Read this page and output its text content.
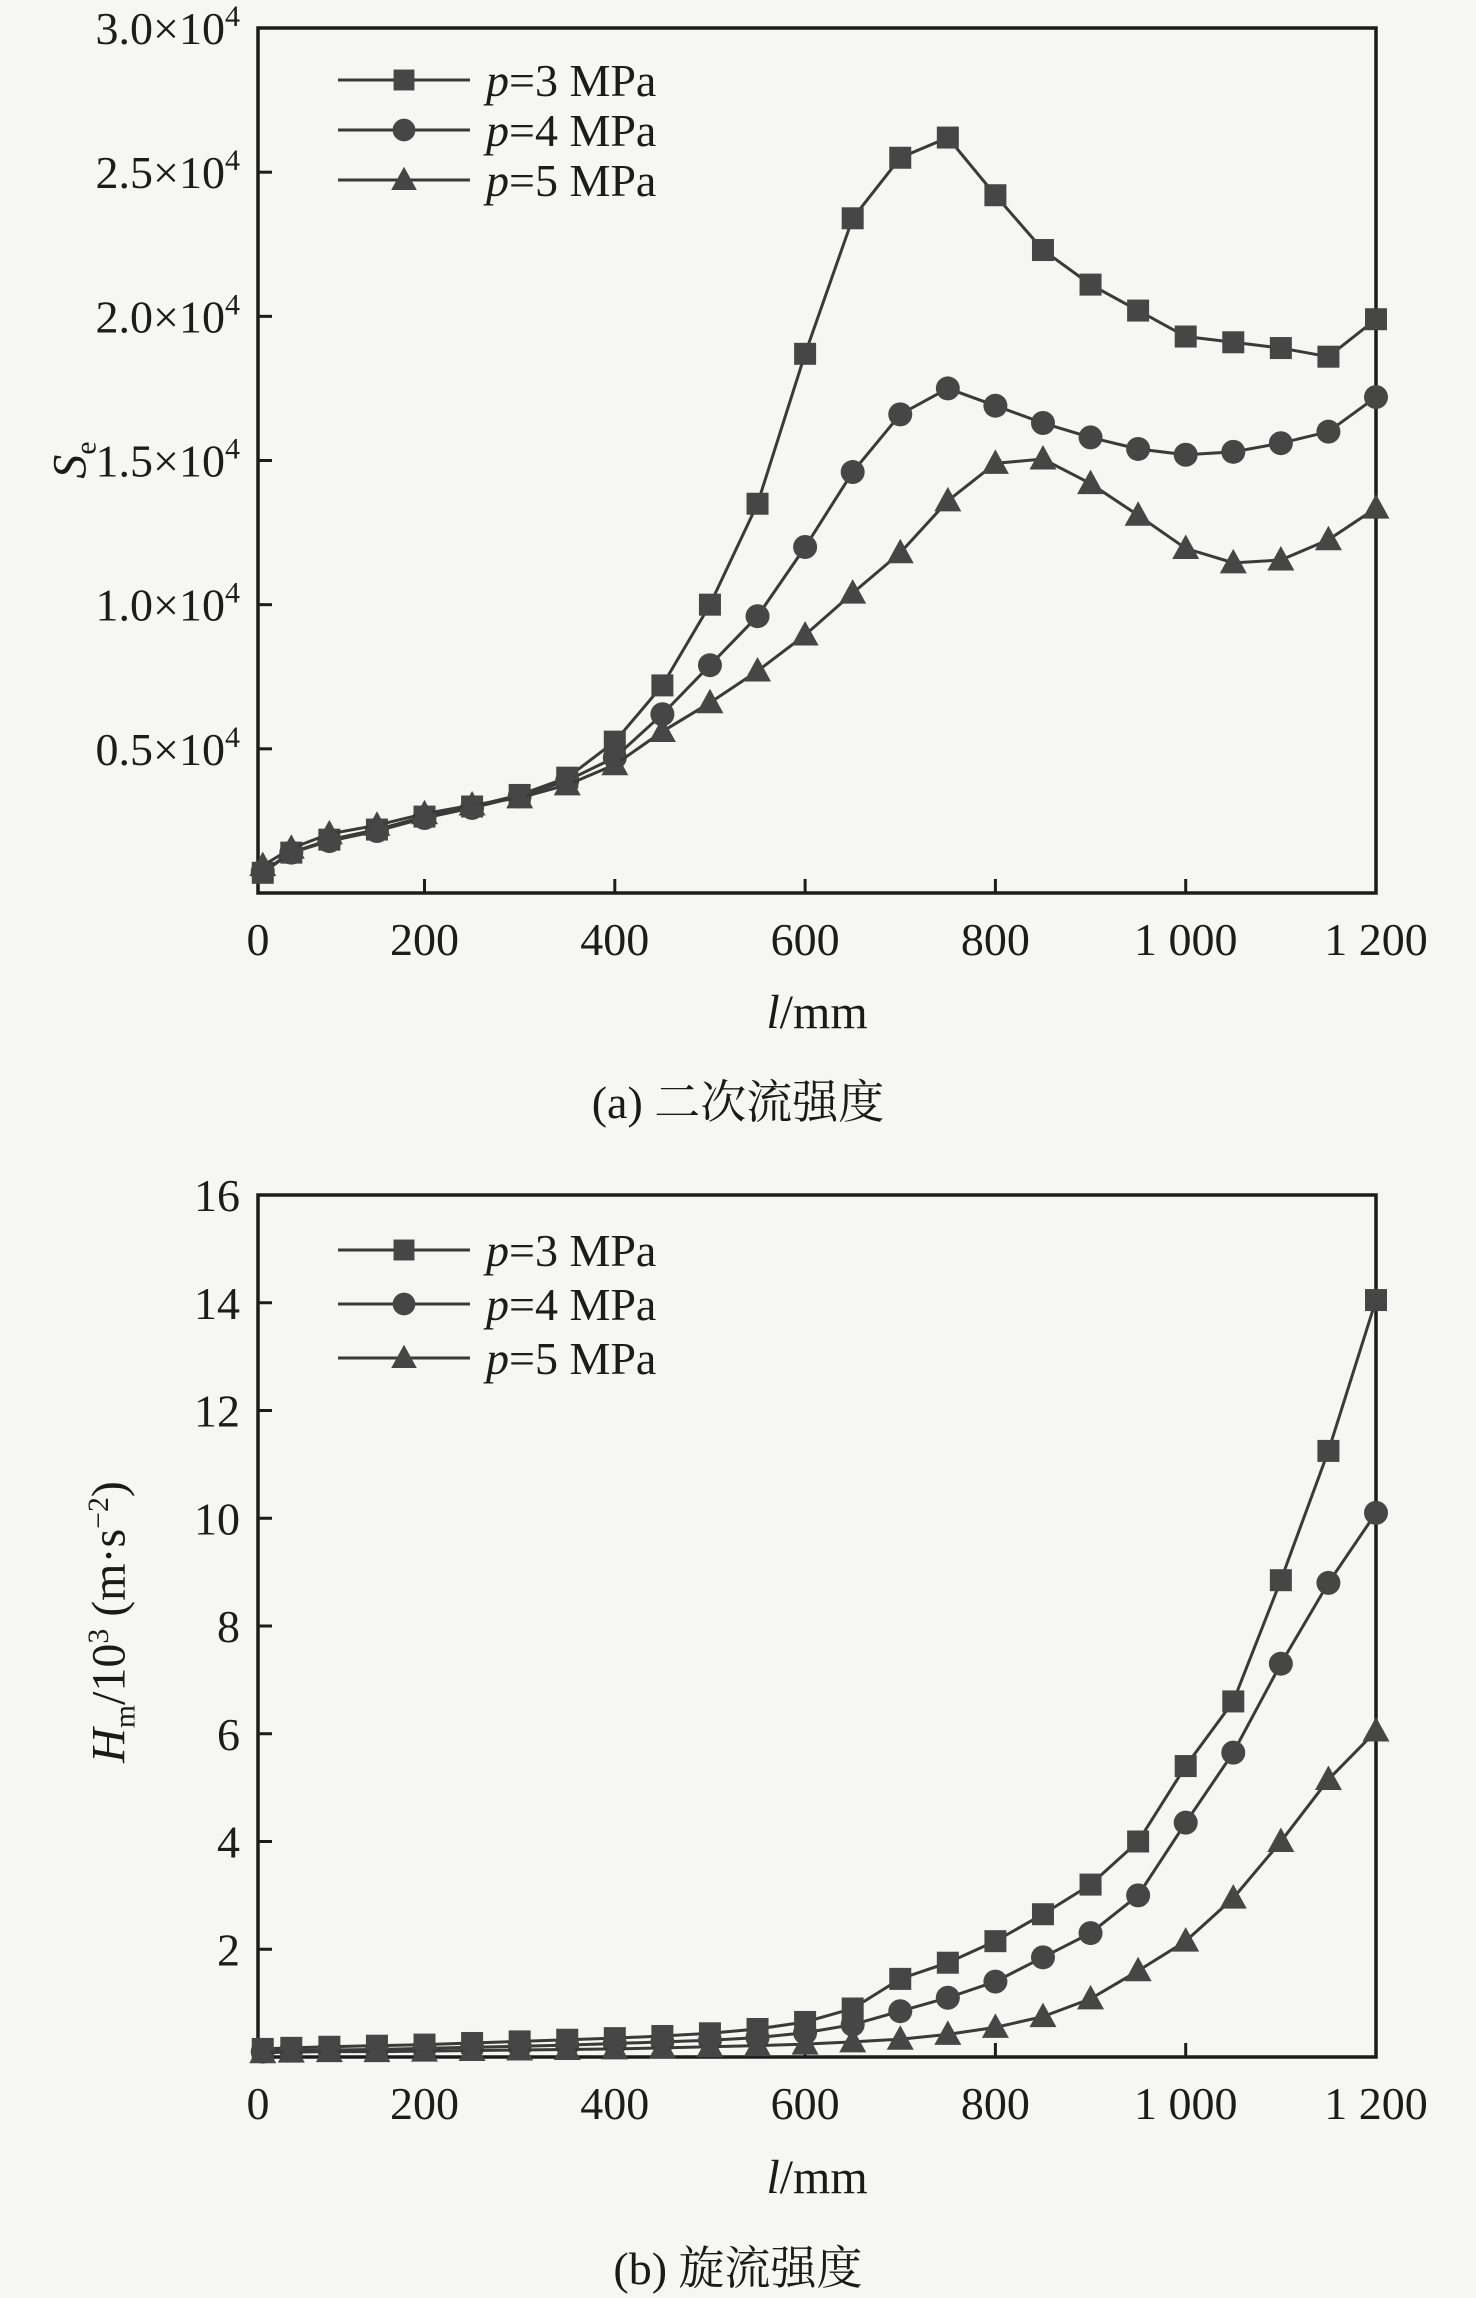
0	200	400	600	800 1 000 1 200
$0.5\times 10^4$
$1.0\times 10^4$
$1.5\times 10^4$
$2.0\times 10^4$
$2.5\times 10^4$
$3.0\times 10^4$
p=3 MPa
p=4 MPa
p=5 MPa
$S_e$
l/mm
(a) 二次流强度
0	200	400	600	800 1 000 1 200
2
4
6
8
10
12
14
16
p=3 MPa
p=4 MPa
p=5 MPa
$H_m/10^3$ $(m\cdot s^{-2})$
l/mm
(b) 旋流强度
